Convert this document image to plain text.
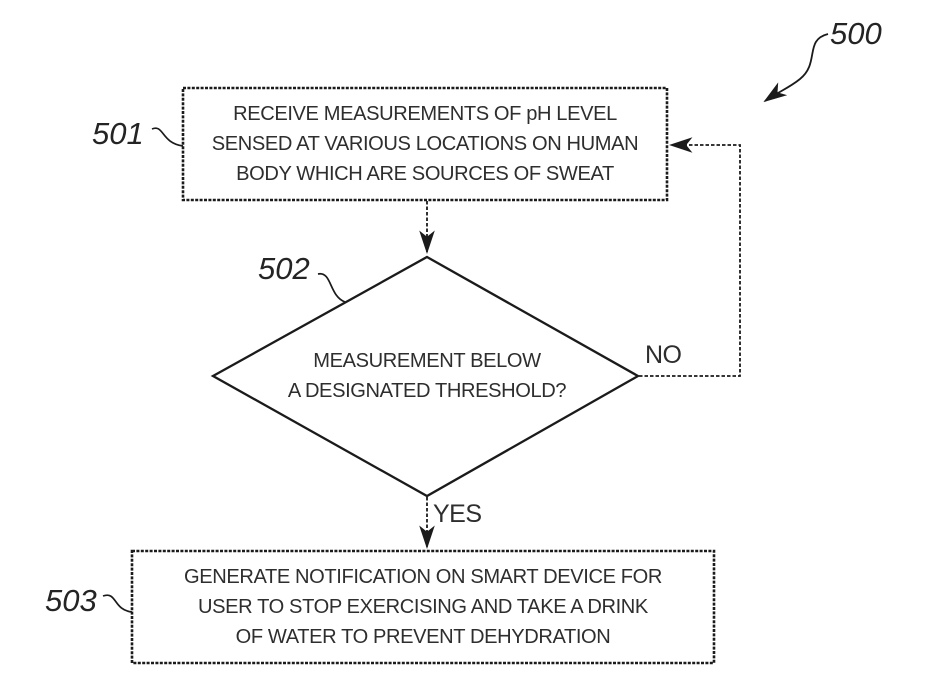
500
501
502
503
RECEIVE MEASUREMENTS OF pH LEVEL
SENSED AT VARIOUS LOCATIONS ON HUMAN
BODY WHICH ARE SOURCES OF SWEAT
MEASUREMENT BELOW
A DESIGNATED THRESHOLD?
GENERATE NOTIFICATION ON SMART DEVICE FOR
USER TO STOP EXERCISING AND TAKE A DRINK
OF WATER TO PREVENT DEHYDRATION
NO
YES
